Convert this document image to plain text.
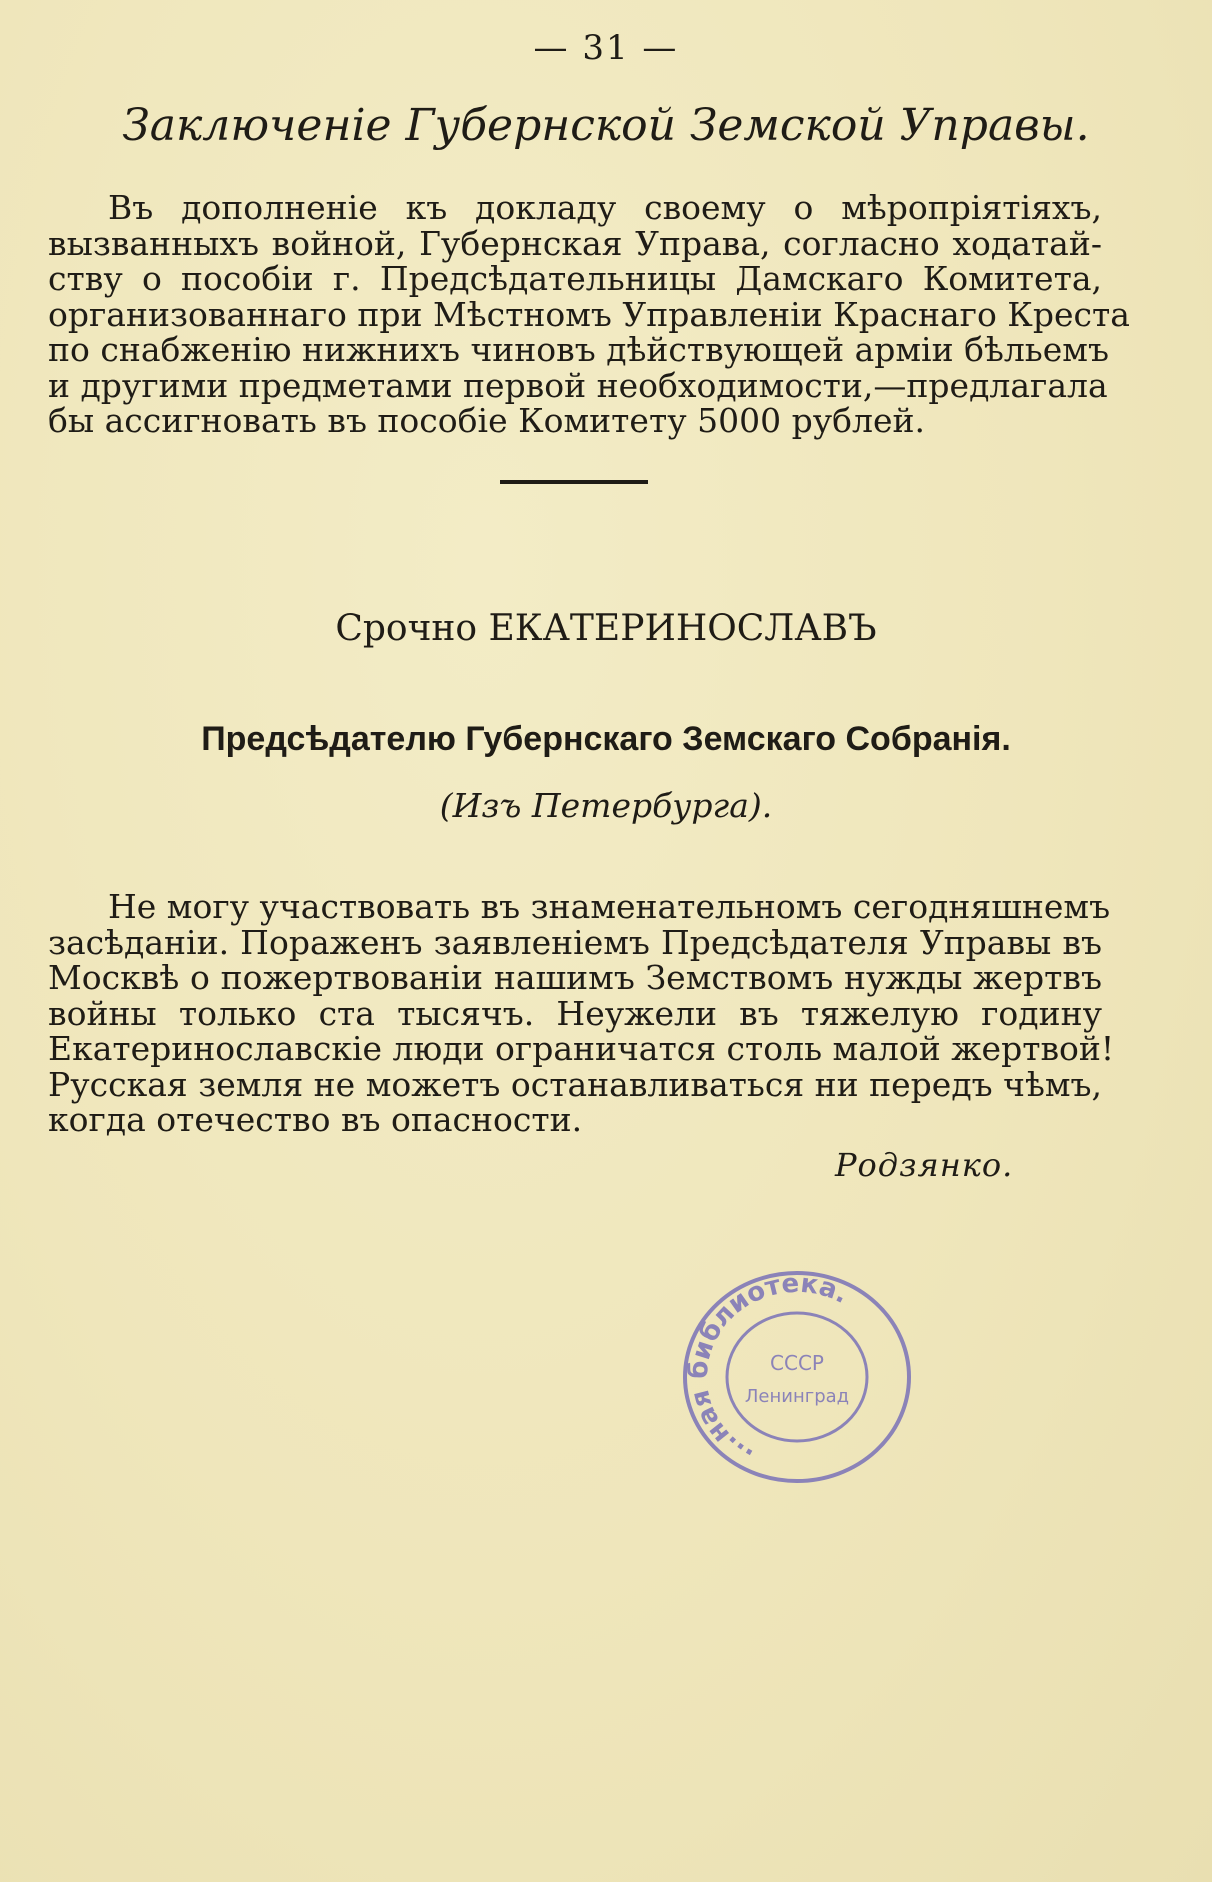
— 31 —
Заключенiе Губернской Земской Управы.
Въ дополненiе къ докладу своему о мѣропрiятiяхъ,
вызванныхъ войной, Губернская Управа, согласно ходатай-
ству о пособiи г. Предсѣдательницы Дамскаго Комитета,
организованнаго при Мѣстномъ Управленiи Краснаго Креста
по снабженiю нижнихъ чиновъ дѣйствующей армiи бѣльемъ
и другими предметами первой необходимости,—предлагала
бы ассигновать въ пособiе Комитету 5000 рублей.
Срочно ЕКАТЕРИНОСЛАВЪ
Предсѣдателю Губернскаго Земскаго Собранiя.
(Изъ Петербурга).
Не могу участвовать въ знаменательномъ сегодняшнемъ
засѣданiи. Пораженъ заявленiемъ Предсѣдателя Управы въ
Москвѣ о пожертвованiи нашимъ Земствомъ нужды жертвъ
войны только ста тысячъ. Неужели въ тяжелую годину
Екатеринославскiе люди ограничатся столь малой жертвой!
Русская земля не можетъ останавливаться ни передъ чѣмъ,
когда отечество въ опасности.
Родзянко.
...ная библиотека.
СССР
Ленинград
